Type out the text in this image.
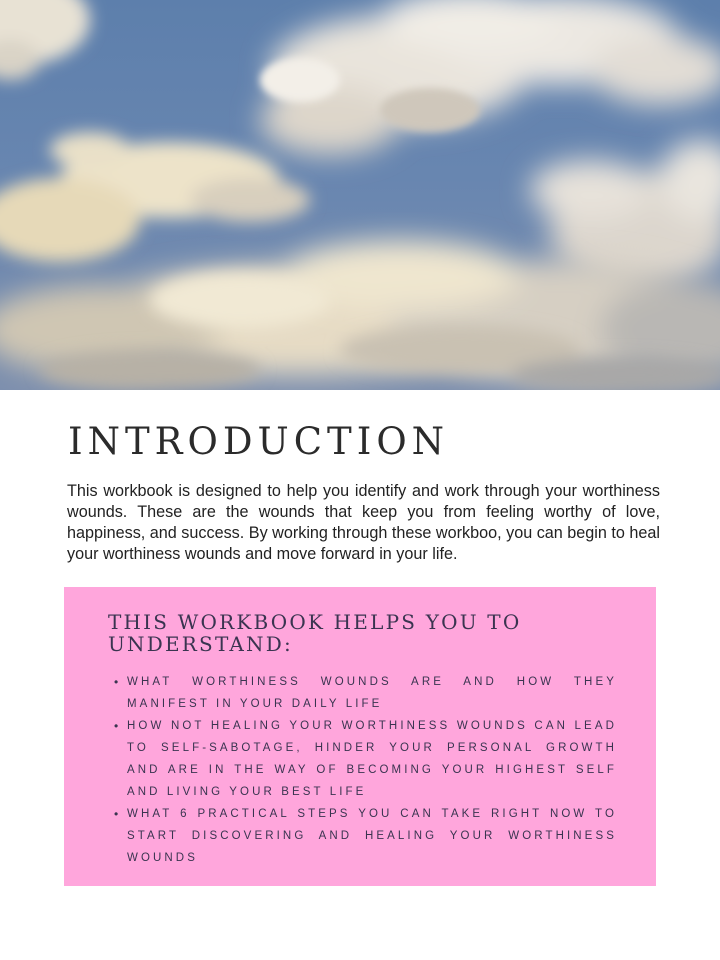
INTRODUCTION

This workbook is designed to help you identify and work through your worthiness wounds. These are the wounds that keep you from feeling worthy of love, happiness, and success. By working through these workboo, you can begin to heal your worthiness wounds and move forward in your life.

THIS WORKBOOK HELPS YOU TO UNDERSTAND:
• WHAT WORTHINESS WOUNDS ARE AND HOW THEY MANIFEST IN YOUR DAILY LIFE
• HOW NOT HEALING YOUR WORTHINESS WOUNDS CAN LEAD TO SELF-SABOTAGE, HINDER YOUR PERSONAL GROWTH AND ARE IN THE WAY OF BECOMING YOUR HIGHEST SELF AND LIVING YOUR BEST LIFE
• WHAT 6 PRACTICAL STEPS YOU CAN TAKE RIGHT NOW TO START DISCOVERING AND HEALING YOUR WORTHINESS WOUNDS
